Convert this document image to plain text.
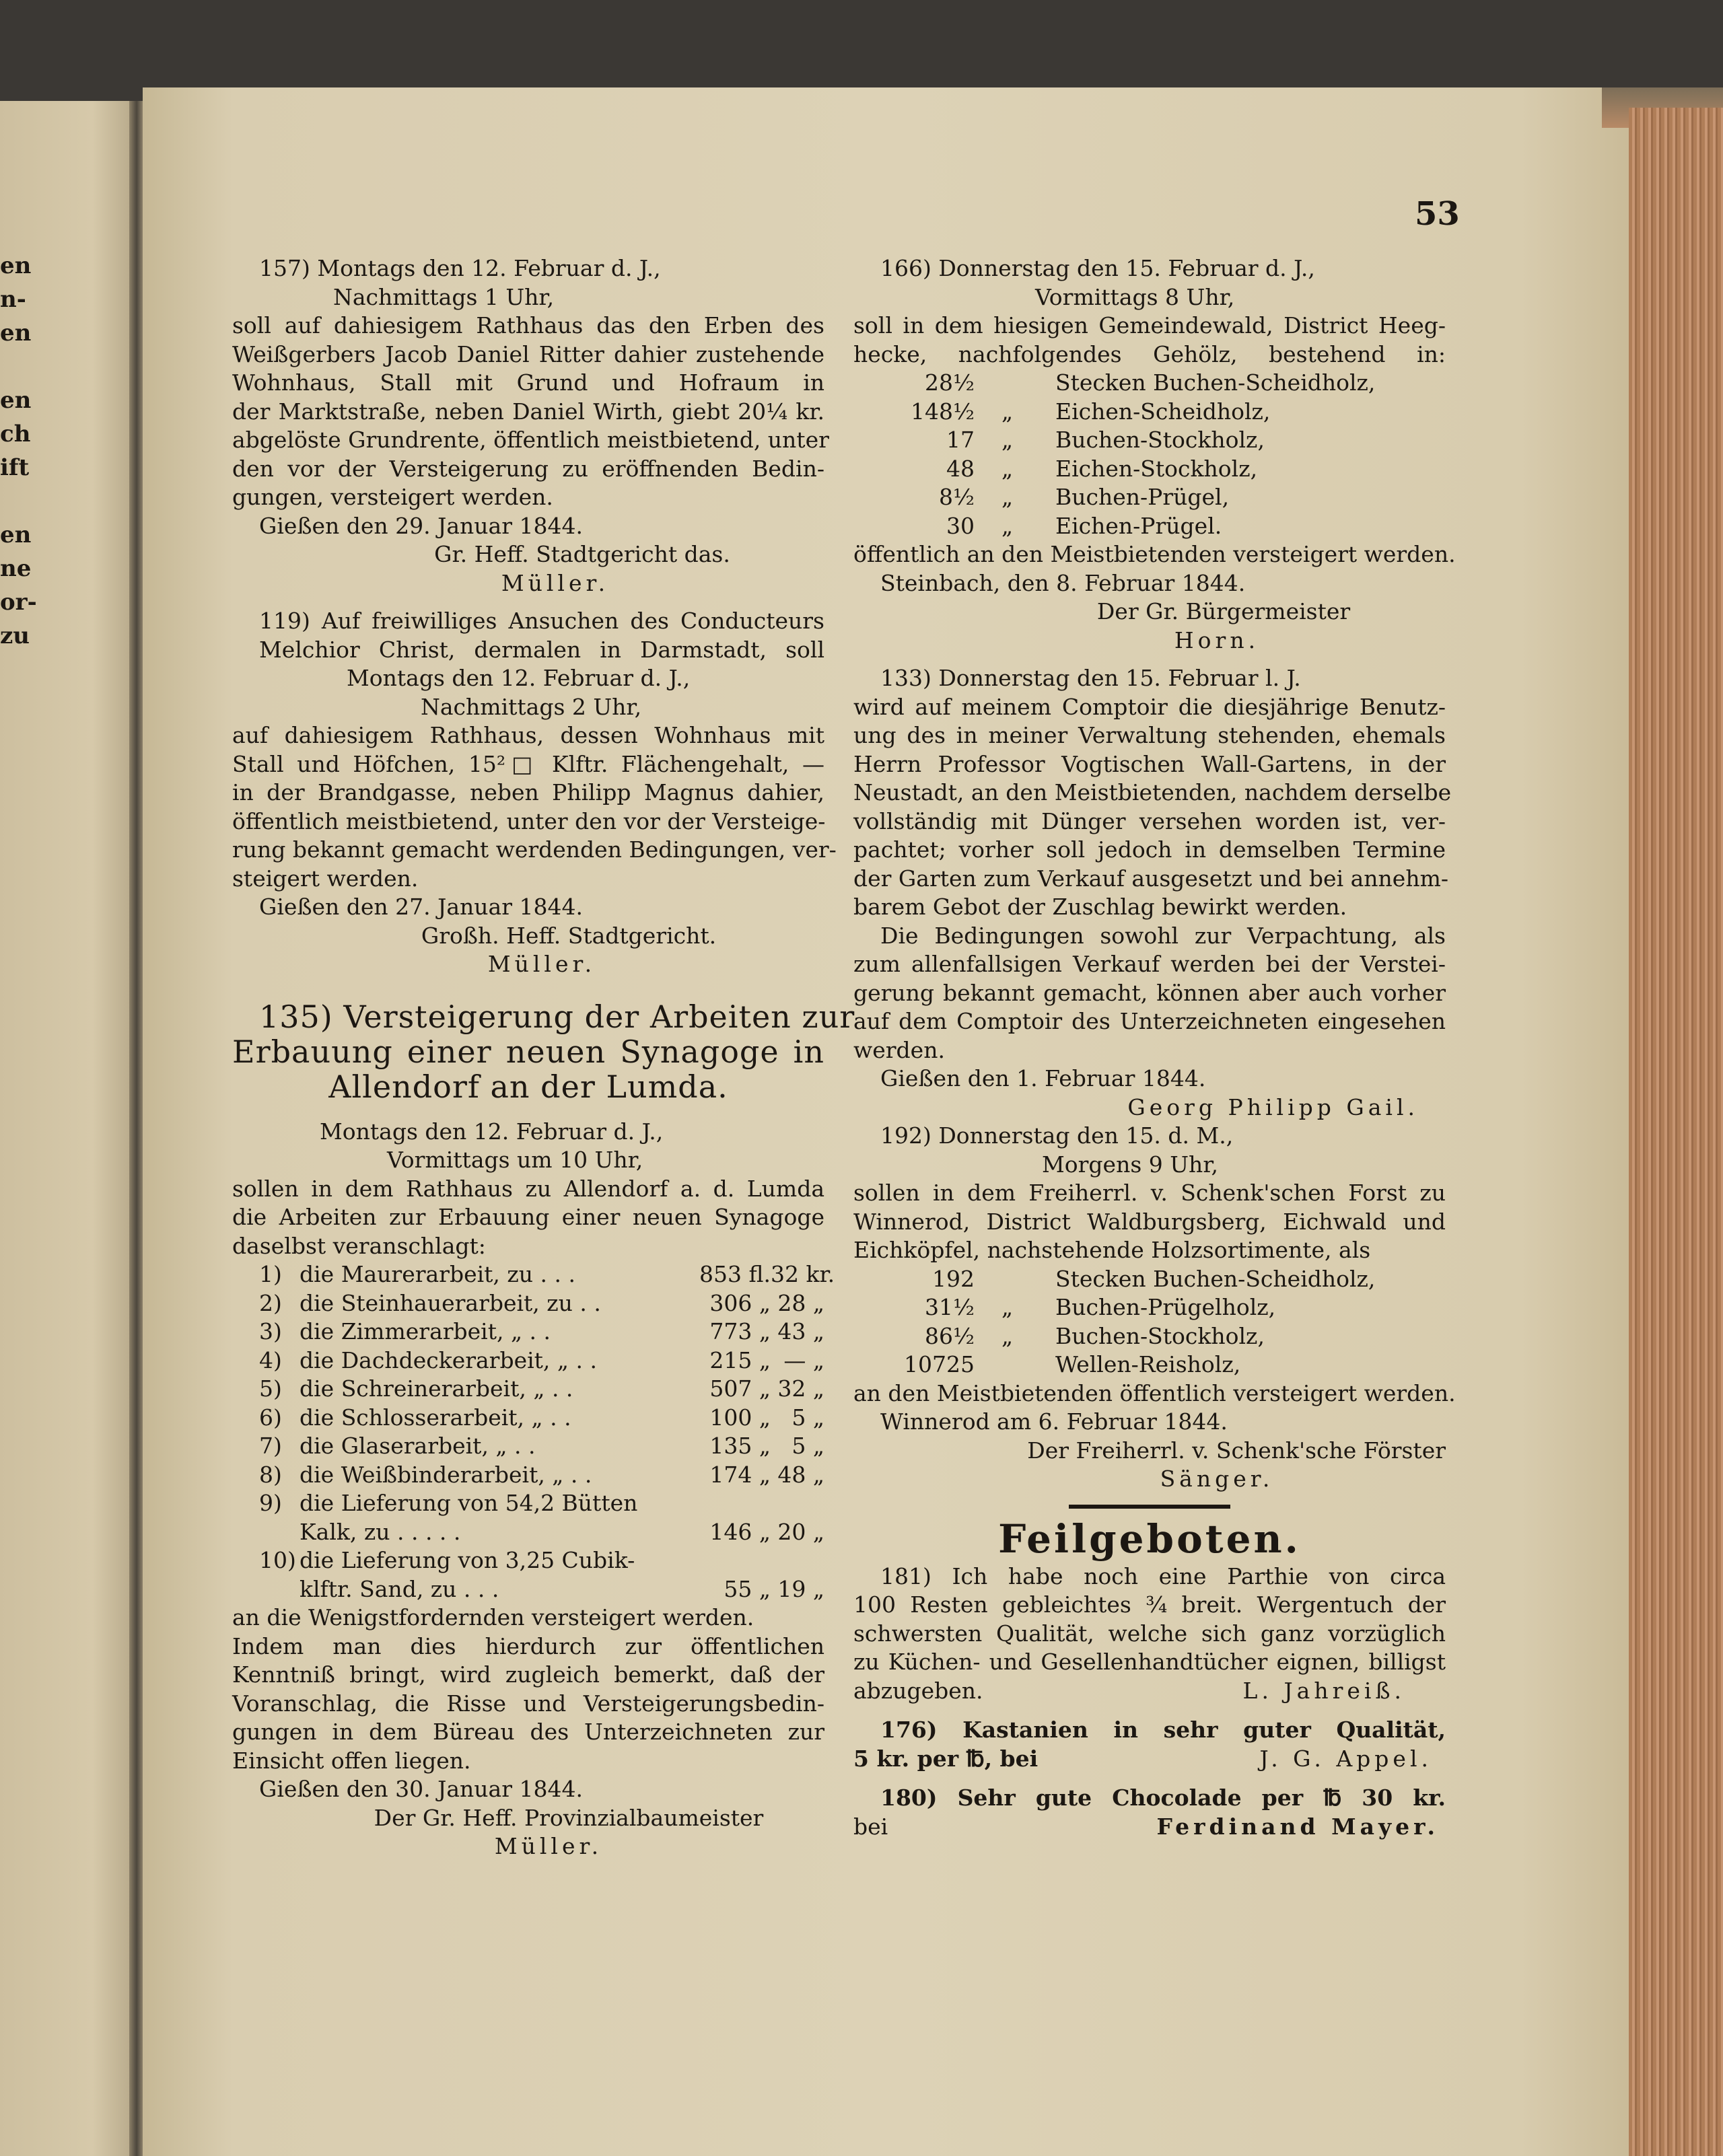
en
n-
en
en
ch
ift
en
ne
or-
zu
53
157) Montags den 12. Februar d. J.,
Nachmittags 1 Uhr,
soll auf dahiesigem Rathhaus das den Erben des
Weißgerbers Jacob Daniel Ritter dahier zustehende
Wohnhaus, Stall mit Grund und Hofraum in
der Marktstraße, neben Daniel Wirth, giebt 20¼ kr.
abgelöste Grundrente, öffentlich meistbietend, unter
den vor der Versteigerung zu eröffnenden Bedin-
gungen, versteigert werden.
Gießen den 29. Januar 1844.
Gr. Heff. Stadtgericht das.
Müller.
119) Auf freiwilliges Ansuchen des Conducteurs
Melchior Christ, dermalen in Darmstadt, soll
Montags den 12. Februar d. J.,
Nachmittags 2 Uhr,
auf dahiesigem Rathhaus, dessen Wohnhaus mit
Stall und Höfchen, 15²□ Klftr. Flächengehalt, —
in der Brandgasse, neben Philipp Magnus dahier,
öffentlich meistbietend, unter den vor der Versteige-
rung bekannt gemacht werdenden Bedingungen, ver-
steigert werden.
Gießen den 27. Januar 1844.
Großh. Heff. Stadtgericht.
Müller.
135) Versteigerung der Arbeiten zur
Erbauung einer neuen Synagoge in
Allendorf an der Lumda.
Montags den 12. Februar d. J.,
Vormittags um 10 Uhr,
sollen in dem Rathhaus zu Allendorf a. d. Lumda
die Arbeiten zur Erbauung einer neuen Synagoge
daselbst veranschlagt:
1) die Maurerarbeit, zu . . .	853 fl. 32 kr.
2) die Steinhauerarbeit, zu . .	306 „ 28 „
3) die Zimmerarbeit, „ . .	773 „ 43 „
4) die Dachdeckerarbeit, „ . .	215 „ — „
5) die Schreinerarbeit, „ . .	507 „ 32 „
6) die Schlosserarbeit, „ . .	100 „ 5 „
7) die Glaserarbeit, „ . .	135 „ 5 „
8) die Weißbinderarbeit, „ . .	174 „ 48 „
9) die Lieferung von 54,2 Bütten
Kalk, zu . . . . .	146 „ 20 „
10) die Lieferung von 3,25 Cubik-
klftr. Sand, zu . . .	55 „ 19 „
an die Wenigstfordernden versteigert werden.
Indem man dies hierdurch zur öffentlichen
Kenntniß bringt, wird zugleich bemerkt, daß der
Voranschlag, die Risse und Versteigerungsbedin-
gungen in dem Büreau des Unterzeichneten zur
Einsicht offen liegen.
Gießen den 30. Januar 1844.
Der Gr. Heff. Provinzialbaumeister
Müller.
166) Donnerstag den 15. Februar d. J.,
Vormittags 8 Uhr,
soll in dem hiesigen Gemeindewald, District Heeg-
hecke, nachfolgendes Gehölz, bestehend in:
28½	Stecken Buchen-Scheidholz,
148½	„	Eichen-Scheidholz,
17	„	Buchen-Stockholz,
48	„	Eichen-Stockholz,
8½	„	Buchen-Prügel,
30	„	Eichen-Prügel.
öffentlich an den Meistbietenden versteigert werden.
Steinbach, den 8. Februar 1844.
Der Gr. Bürgermeister
Horn.
133) Donnerstag den 15. Februar l. J.
wird auf meinem Comptoir die diesjährige Benutz-
ung des in meiner Verwaltung stehenden, ehemals
Herrn Professor Vogtischen Wall-Gartens, in der
Neustadt, an den Meistbietenden, nachdem derselbe
vollständig mit Dünger versehen worden ist, ver-
pachtet; vorher soll jedoch in demselben Termine
der Garten zum Verkauf ausgesetzt und bei annehm-
barem Gebot der Zuschlag bewirkt werden.
Die Bedingungen sowohl zur Verpachtung, als
zum allenfallsigen Verkauf werden bei der Verstei-
gerung bekannt gemacht, können aber auch vorher
auf dem Comptoir des Unterzeichneten eingesehen
werden.
Gießen den 1. Februar 1844.
Georg Philipp Gail.
192) Donnerstag den 15. d. M.,
Morgens 9 Uhr,
sollen in dem Freiherrl. v. Schenk'schen Forst zu
Winnerod, District Waldburgsberg, Eichwald und
Eichköpfel, nachstehende Holzsortimente, als
192	Stecken Buchen-Scheidholz,
31½	„	Buchen-Prügelholz,
86½	„	Buchen-Stockholz,
10725	Wellen-Reisholz,
an den Meistbietenden öffentlich versteigert werden.
Winnerod am 6. Februar 1844.
Der Freiherrl. v. Schenk'sche Förster
Sänger.
Feilgeboten.
181) Ich habe noch eine Parthie von circa
100 Resten gebleichtes ¾ breit. Wergentuch der
schwersten Qualität, welche sich ganz vorzüglich
zu Küchen- und Gesellenhandtücher eignen, billigst
abzugeben.	L. Jahreiß.
176) Kastanien in sehr guter Qualität,
5 kr. per ℔, bei	J. G. Appel.
180) Sehr gute Chocolade per ℔ 30 kr.
bei	Ferdinand Mayer.
